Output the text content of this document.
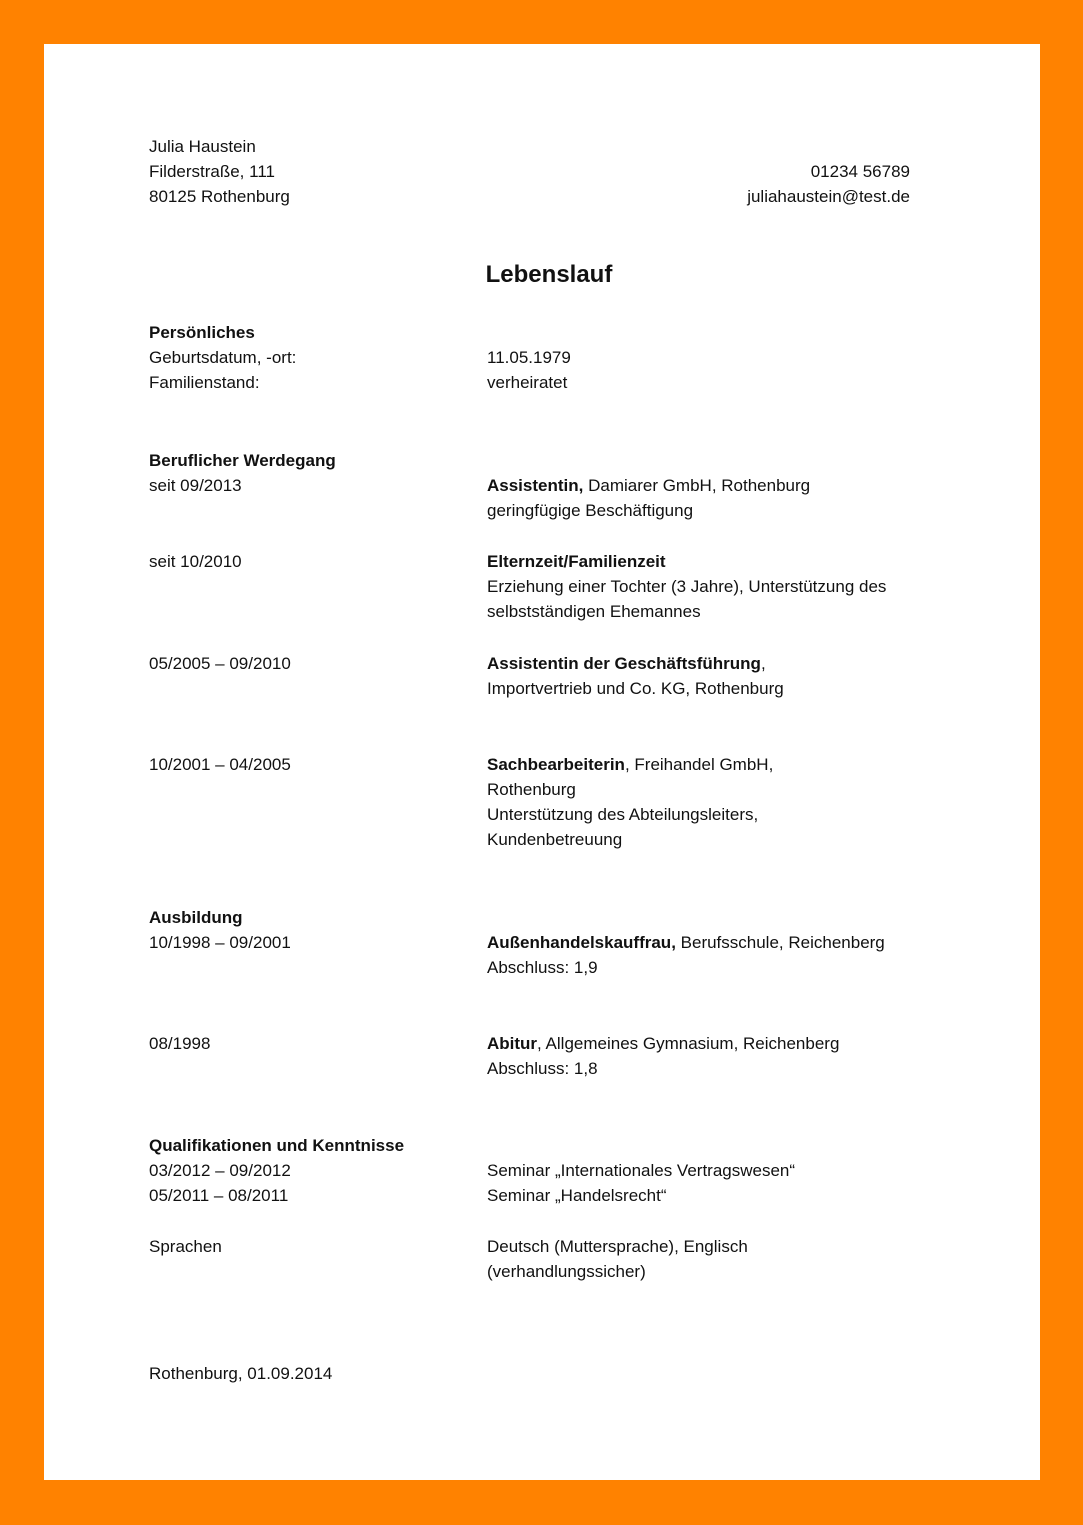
Julia Haustein
Filderstraße, 111
80125 Rothenburg
01234 56789
juliahaustein@test.de
Lebenslauf
Persönliches
Geburtsdatum, -ort:	11.05.1979
Familienstand:	verheiratet
Beruflicher Werdegang
seit 09/2013	Assistentin, Damiarer GmbH, Rothenburg
geringfügige Beschäftigung
seit 10/2010	Elternzeit/Familienzeit
Erziehung einer Tochter (3 Jahre), Unterstützung des selbstständigen Ehemannes
05/2005 – 09/2010	Assistentin der Geschäftsführung,
Importvertrieb und Co. KG, Rothenburg
10/2001 – 04/2005	Sachbearbeiterin, Freihandel GmbH, Rothenburg
Unterstützung des Abteilungsleiters, Kundenbetreuung
Ausbildung
10/1998 – 09/2001	Außenhandelskauffrau, Berufsschule, Reichenberg
Abschluss: 1,9
08/1998	Abitur, Allgemeines Gymnasium, Reichenberg
Abschluss: 1,8
Qualifikationen und Kenntnisse
03/2012 – 09/2012	Seminar „Internationales Vertragswesen“
05/2011 – 08/2011	Seminar „Handelsrecht“
Sprachen	Deutsch (Muttersprache), Englisch (verhandlungssicher)
Rothenburg, 01.09.2014
